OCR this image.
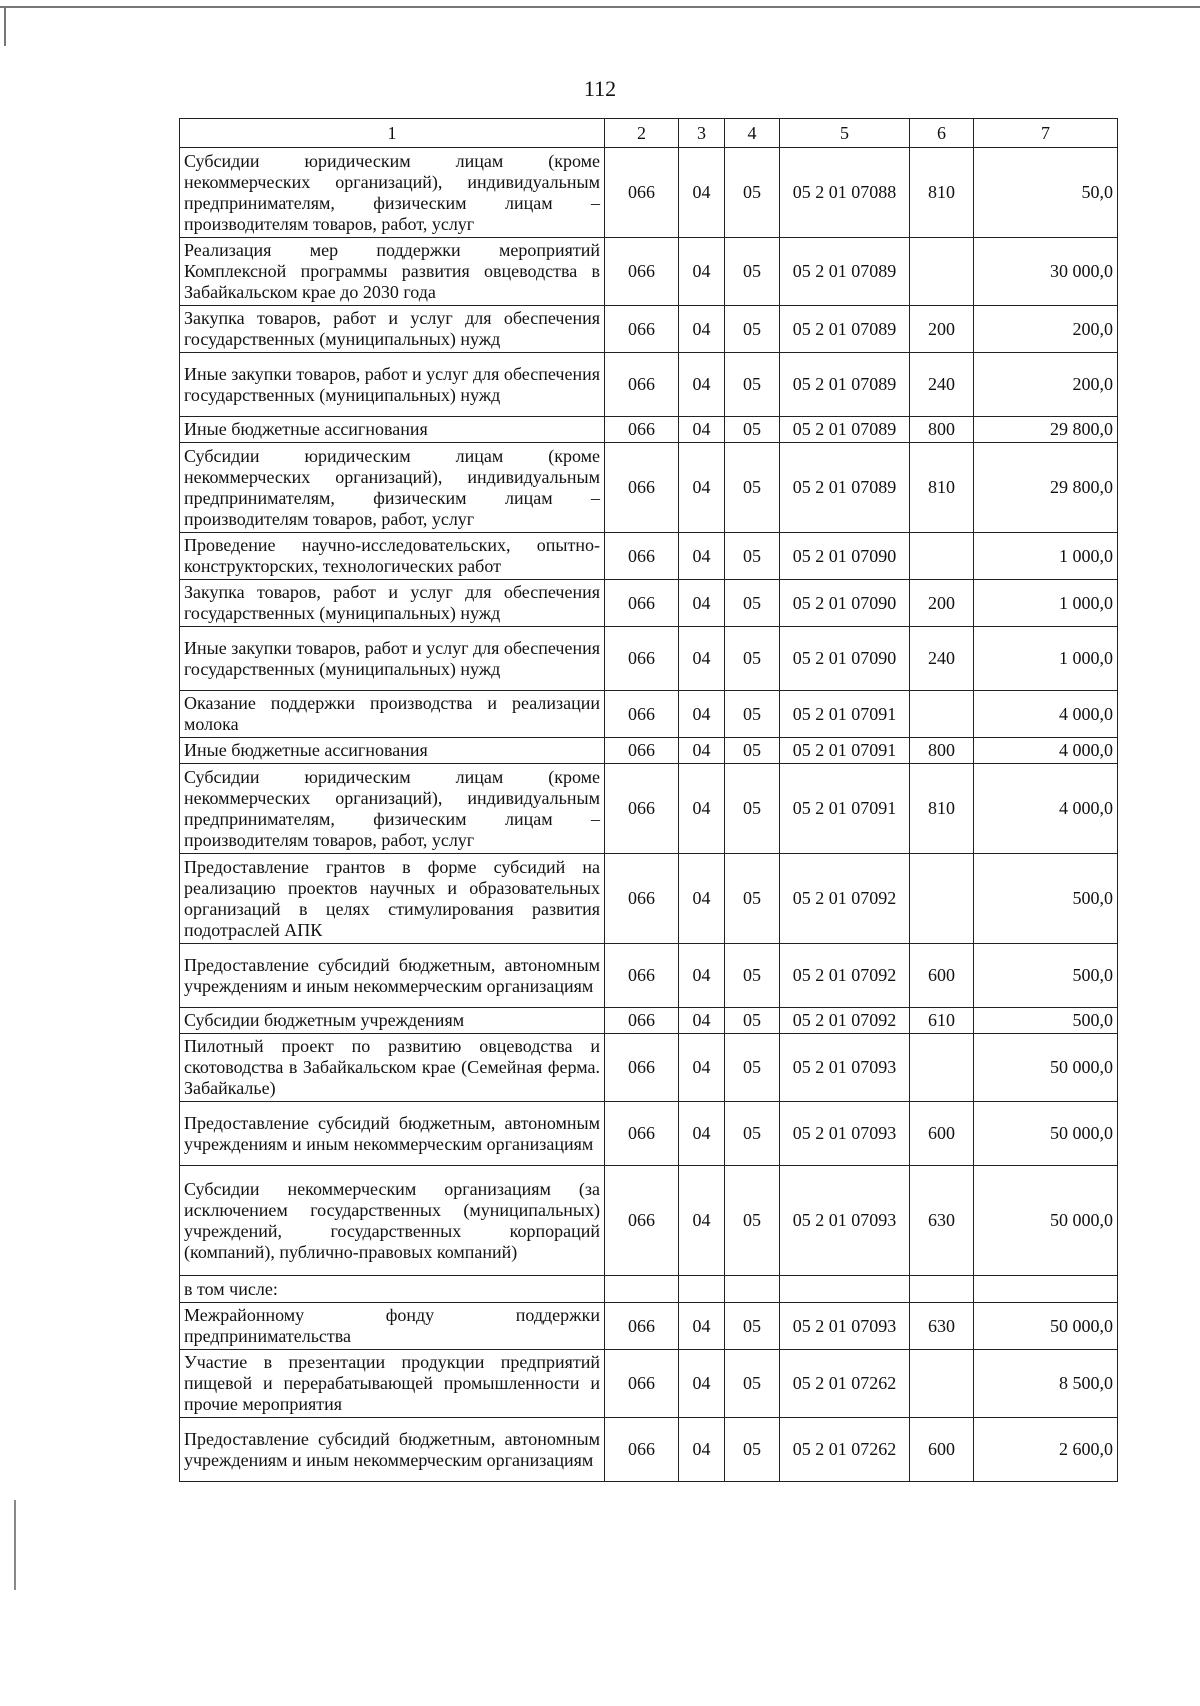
112
1	2	3	4	5	6	7
Субсидии юридическим лицам (кроме некоммерческих организаций), индивидуальным предпринимателям, физическим лицам – производителям товаров, работ, услуг	066	04	05	05 2 01 07088	810	50,0
Реализация мер поддержки мероприятий Комплексной программы развития овцеводства в Забайкальском крае до 2030 года	066	04	05	05 2 01 07089		30 000,0
Закупка товаров, работ и услуг для обеспечения государственных (муниципальных) нужд	066	04	05	05 2 01 07089	200	200,0
Иные закупки товаров, работ и услуг для обеспечения государственных (муниципальных) нужд	066	04	05	05 2 01 07089	240	200,0
Иные бюджетные ассигнования	066	04	05	05 2 01 07089	800	29 800,0
Субсидии юридическим лицам (кроме некоммерческих организаций), индивидуальным предпринимателям, физическим лицам – производителям товаров, работ, услуг	066	04	05	05 2 01 07089	810	29 800,0
Проведение научно-исследовательских, опытно-конструкторских, технологических работ	066	04	05	05 2 01 07090		1 000,0
Закупка товаров, работ и услуг для обеспечения государственных (муниципальных) нужд	066	04	05	05 2 01 07090	200	1 000,0
Иные закупки товаров, работ и услуг для обеспечения государственных (муниципальных) нужд	066	04	05	05 2 01 07090	240	1 000,0
Оказание поддержки производства и реализации молока	066	04	05	05 2 01 07091		4 000,0
Иные бюджетные ассигнования	066	04	05	05 2 01 07091	800	4 000,0
Субсидии юридическим лицам (кроме некоммерческих организаций), индивидуальным предпринимателям, физическим лицам – производителям товаров, работ, услуг	066	04	05	05 2 01 07091	810	4 000,0
Предоставление грантов в форме субсидий на реализацию проектов научных и образовательных организаций в целях стимулирования развития подотраслей АПК	066	04	05	05 2 01 07092		500,0
Предоставление субсидий бюджетным, автономным учреждениям и иным некоммерческим организациям	066	04	05	05 2 01 07092	600	500,0
Субсидии бюджетным учреждениям	066	04	05	05 2 01 07092	610	500,0
Пилотный проект по развитию овцеводства и скотоводства в Забайкальском крае (Семейная ферма. Забайкалье)	066	04	05	05 2 01 07093		50 000,0
Предоставление субсидий бюджетным, автономным учреждениям и иным некоммерческим организациям	066	04	05	05 2 01 07093	600	50 000,0
Субсидии некоммерческим организациям (за исключением государственных (муниципальных) учреждений, государственных корпораций (компаний), публично-правовых компаний)	066	04	05	05 2 01 07093	630	50 000,0
в том числе:						
Межрайонному фонду поддержки предпринимательства	066	04	05	05 2 01 07093	630	50 000,0
Участие в презентации продукции предприятий пищевой и перерабатывающей промышленности и прочие мероприятия	066	04	05	05 2 01 07262		8 500,0
Предоставление субсидий бюджетным, автономным учреждениям и иным некоммерческим организациям	066	04	05	05 2 01 07262	600	2 600,0
